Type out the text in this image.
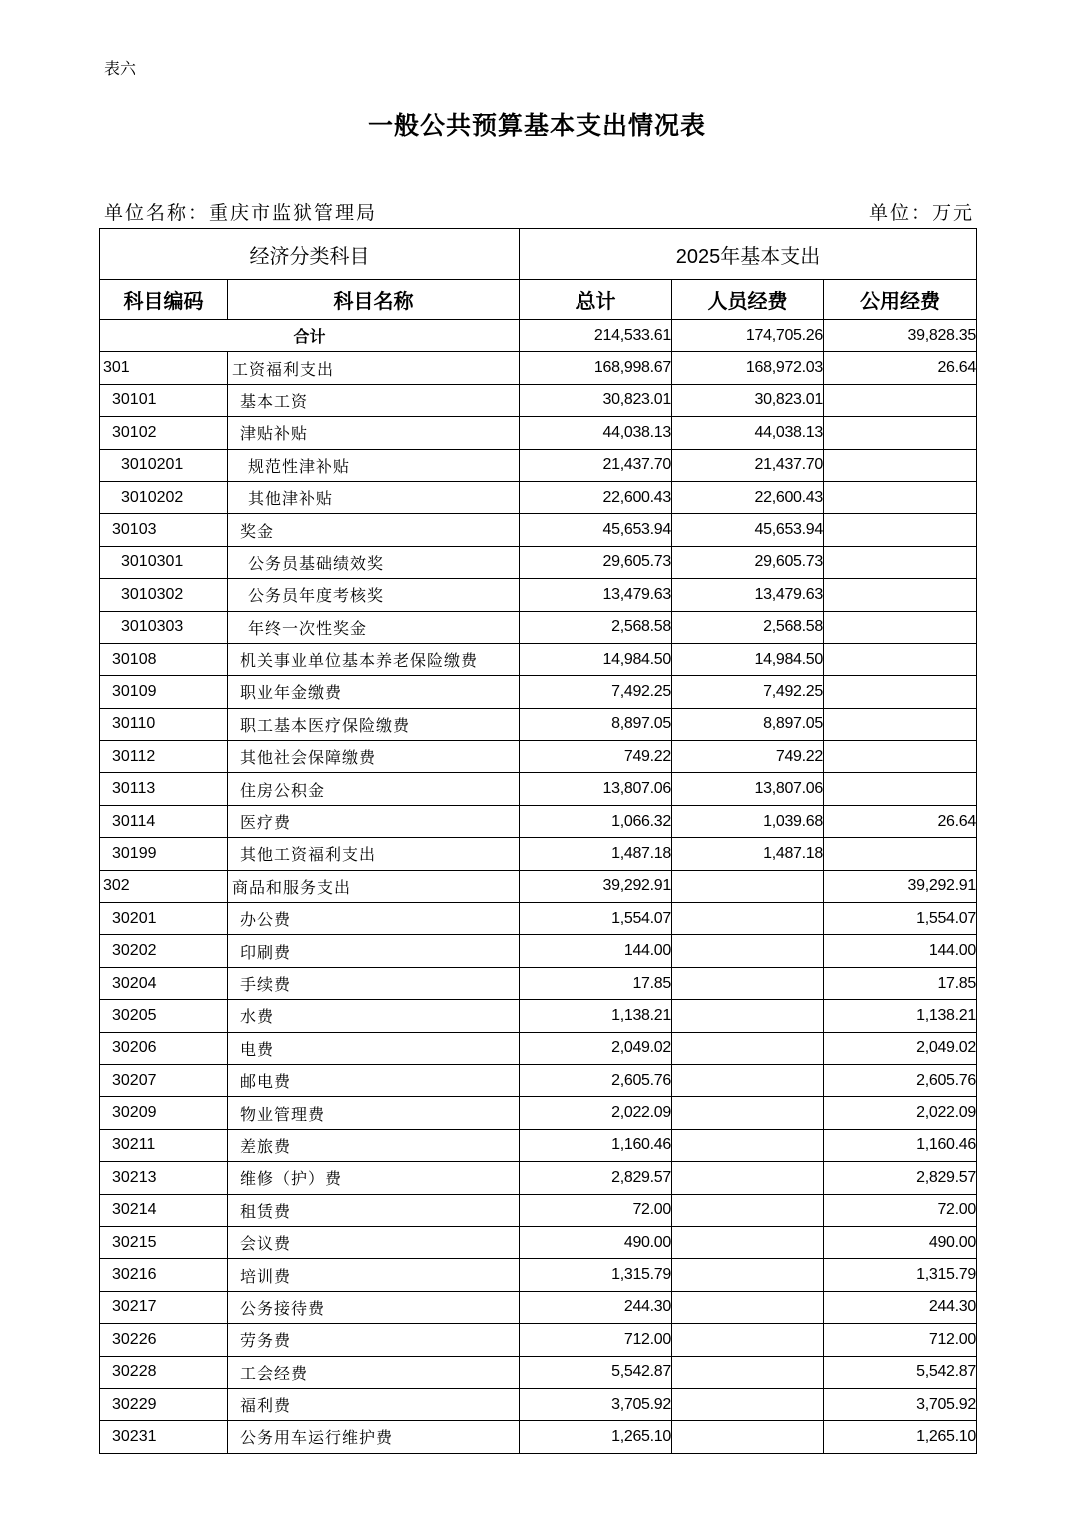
表六
一般公共预算基本支出情况表
单位名称：重庆市监狱管理局	单位：万元
经济分类科目		2025年基本支出		
科目编码	科目名称	总计	人员经费	公用经费
合计		214,533.61	174,705.26	39,828.35
301	工资福利支出	168,998.67	168,972.03	26.64
30101	基本工资	30,823.01	30,823.01	
30102	津贴补贴	44,038.13	44,038.13	
3010201	规范性津补贴	21,437.70	21,437.70	
3010202	其他津补贴	22,600.43	22,600.43	
30103	奖金	45,653.94	45,653.94	
3010301	公务员基础绩效奖	29,605.73	29,605.73	
3010302	公务员年度考核奖	13,479.63	13,479.63	
3010303	年终一次性奖金	2,568.58	2,568.58	
30108	机关事业单位基本养老保险缴费	14,984.50	14,984.50	
30109	职业年金缴费	7,492.25	7,492.25	
30110	职工基本医疗保险缴费	8,897.05	8,897.05	
30112	其他社会保障缴费	749.22	749.22	
30113	住房公积金	13,807.06	13,807.06	
30114	医疗费	1,066.32	1,039.68	26.64
30199	其他工资福利支出	1,487.18	1,487.18	
302	商品和服务支出	39,292.91		39,292.91
30201	办公费	1,554.07		1,554.07
30202	印刷费	144.00		144.00
30204	手续费	17.85		17.85
30205	水费	1,138.21		1,138.21
30206	电费	2,049.02		2,049.02
30207	邮电费	2,605.76		2,605.76
30209	物业管理费	2,022.09		2,022.09
30211	差旅费	1,160.46		1,160.46
30213	维修（护）费	2,829.57		2,829.57
30214	租赁费	72.00		72.00
30215	会议费	490.00		490.00
30216	培训费	1,315.79		1,315.79
30217	公务接待费	244.30		244.30
30226	劳务费	712.00		712.00
30228	工会经费	5,542.87		5,542.87
30229	福利费	3,705.92		3,705.92
30231	公务用车运行维护费	1,265.10		1,265.10
